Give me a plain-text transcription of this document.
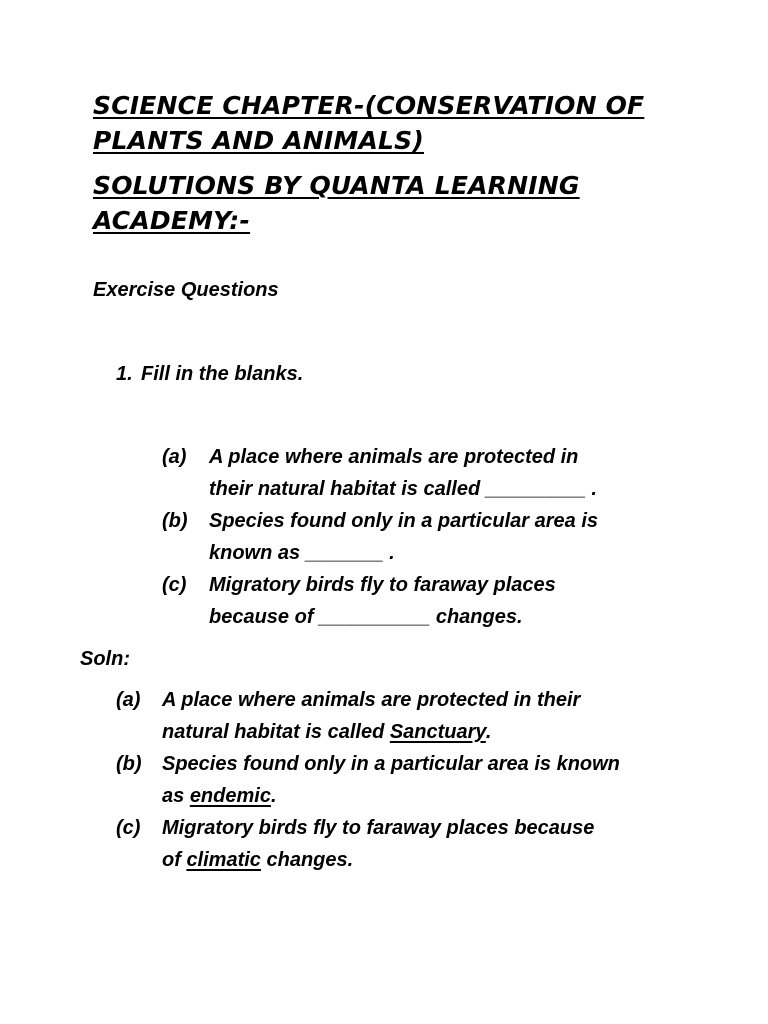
SCIENCE CHAPTER-(CONSERVATION OF
PLANTS AND ANIMALS)
SOLUTIONS BY QUANTA LEARNING
ACADEMY:-
Exercise Questions
1. Fill in the blanks.
(a) A place where animals are protected in
their natural habitat is called _________ .
(b) Species found only in a particular area is
known as _______ .
(c) Migratory birds fly to faraway places
because of __________ changes.
Soln:
(a) A place where animals are protected in their
natural habitat is called Sanctuary.
(b) Species found only in a particular area is known
as endemic.
(c) Migratory birds fly to faraway places because
of climatic changes.
